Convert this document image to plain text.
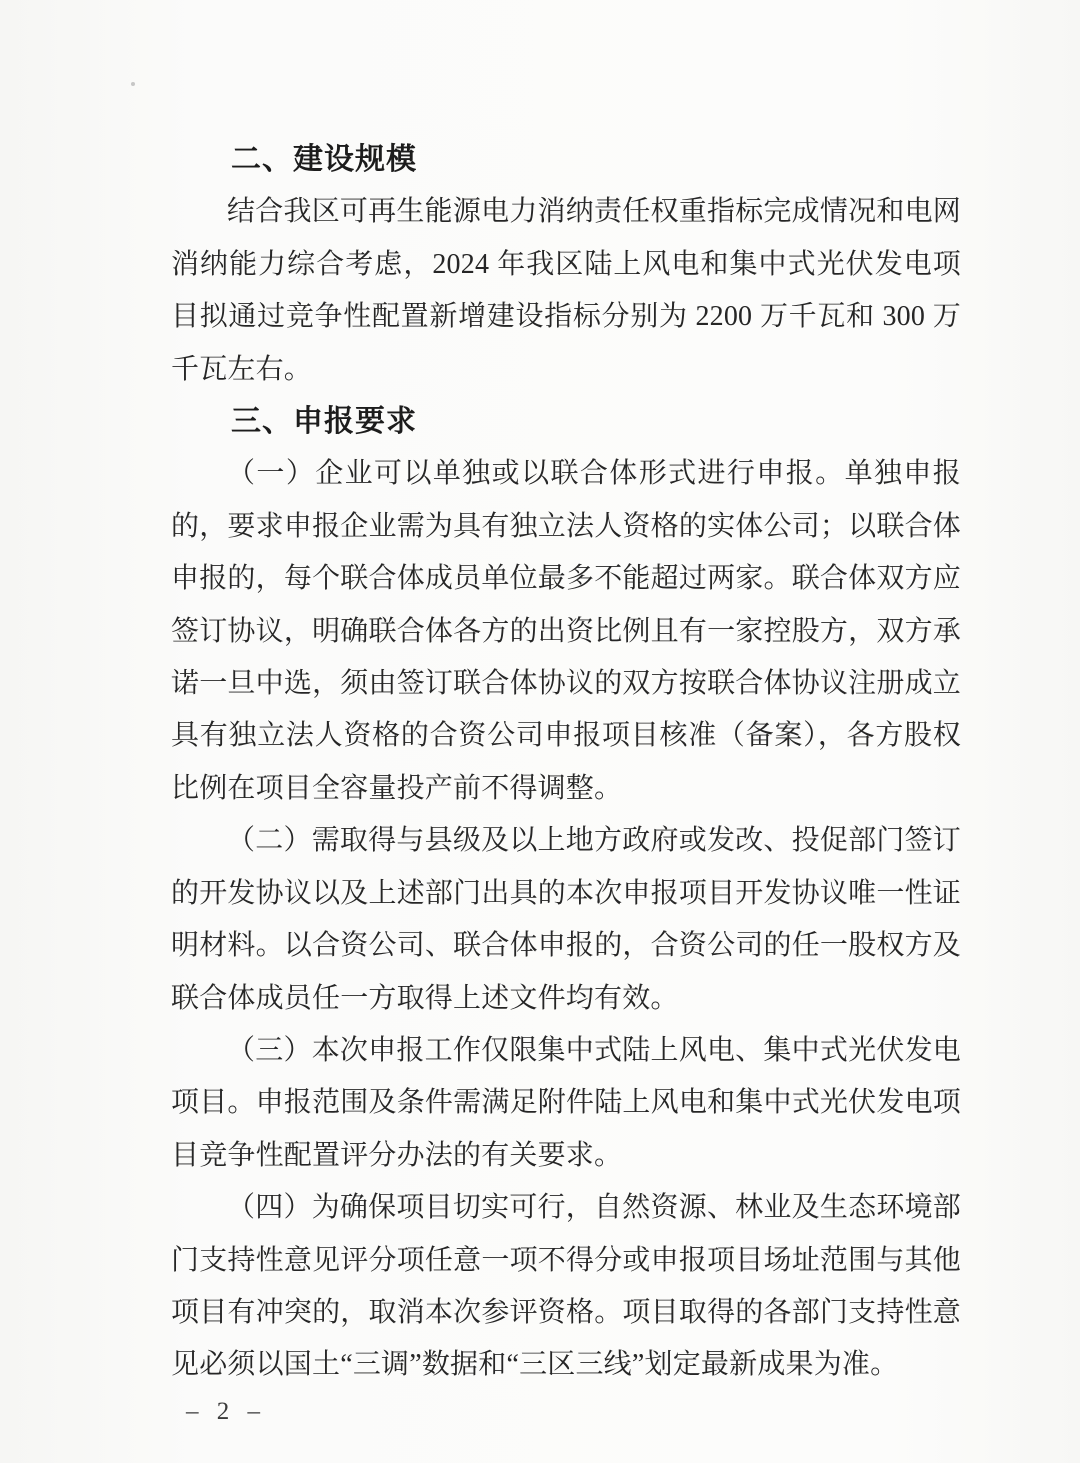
二、建设规模

结合我区可再生能源电力消纳责任权重指标完成情况和电网消纳能力综合考虑，2024 年我区陆上风电和集中式光伏发电项目拟通过竞争性配置新增建设指标分别为 2200 万千瓦和 300 万千瓦左右。

三、申报要求

（一）企业可以单独或以联合体形式进行申报。单独申报的，要求申报企业需为具有独立法人资格的实体公司；以联合体申报的，每个联合体成员单位最多不能超过两家。联合体双方应签订协议，明确联合体各方的出资比例且有一家控股方，双方承诺一旦中选，须由签订联合体协议的双方按联合体协议注册成立具有独立法人资格的合资公司申报项目核准（备案），各方股权比例在项目全容量投产前不得调整。

（二）需取得与县级及以上地方政府或发改、投促部门签订的开发协议以及上述部门出具的本次申报项目开发协议唯一性证明材料。以合资公司、联合体申报的，合资公司的任一股权方及联合体成员任一方取得上述文件均有效。

（三）本次申报工作仅限集中式陆上风电、集中式光伏发电项目。申报范围及条件需满足附件陆上风电和集中式光伏发电项目竞争性配置评分办法的有关要求。

（四）为确保项目切实可行，自然资源、林业及生态环境部门支持性意见评分项任意一项不得分或申报项目场址范围与其他项目有冲突的，取消本次参评资格。项目取得的各部门支持性意见必须以国土“三调”数据和“三区三线”划定最新成果为准。

– 2 –
